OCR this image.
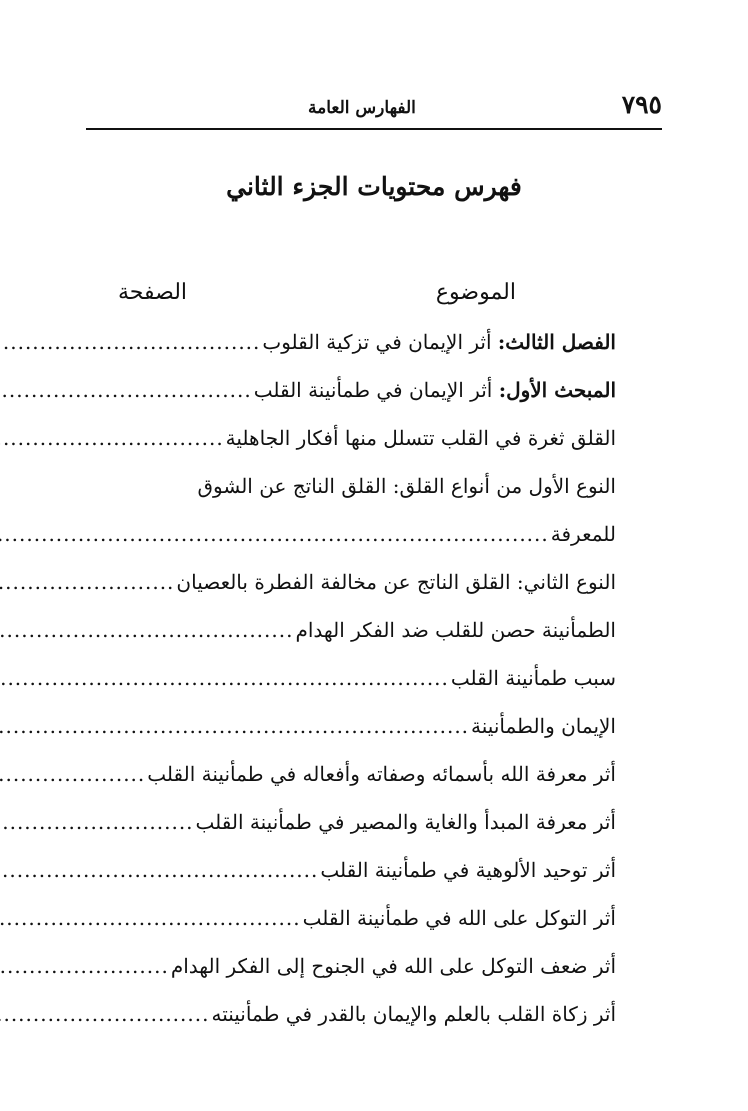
٧٩٥
الفهارس العامة
فهرس محتويات الجزء الثاني
الموضوع
الصفحة
الفصل الثالث: أثر الإيمان في تزكية القلوب
.....
المبحث الأول: أثر الإيمان في طمأنينة القلب
.....
القلق ثغرة في القلب تتسلل منها أفكار الجاهلية
.....
النوع الأول من أنواع القلق: القلق الناتج عن الشوق
للمعرفة
.....
النوع الثاني: القلق الناتج عن مخالفة الفطرة بالعصيان
.....
الطمأنينة حصن للقلب ضد الفكر الهدام
.....
سبب طمأنينة القلب
.....
الإيمان والطمأنينة
.....
أثر معرفة الله بأسمائه وصفاته وأفعاله في طمأنينة القلب
.....
أثر معرفة المبدأ والغاية والمصير في طمأنينة القلب
.....
أثر توحيد الألوهية في طمأنينة القلب
.....
أثر التوكل على الله في طمأنينة القلب
.....
أثر ضعف التوكل على الله في الجنوح إلى الفكر الهدام
.....
أثر زكاة القلب بالعلم والإيمان بالقدر في طمأنينته
.....
